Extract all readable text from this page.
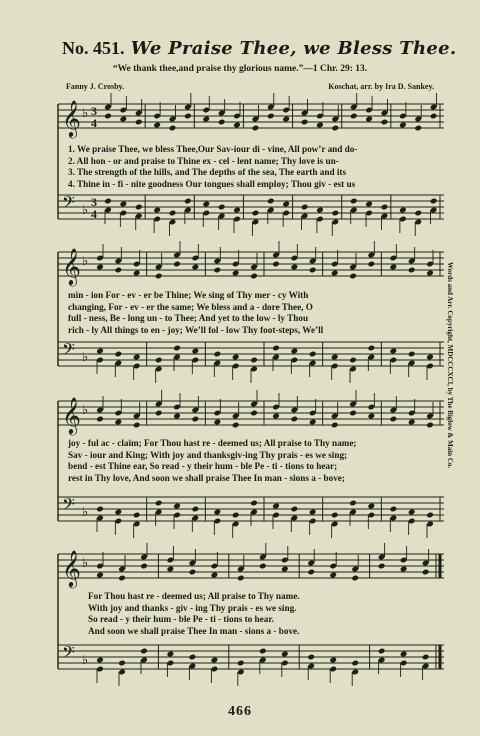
No. 451. We Praise Thee, we Bless Thee.
“We thank thee,and praise thy glorious name.”—1 Chr. 29: 13.
Fanny J. Crosby.	Koschat, arr. by Ira D. Sankey.
𝄞 ♭ 3
4
𝄢 ♭
3
4
𝄞 ♭
𝄢 ♭
𝄞 ♭
𝄢 ♭
𝄞 ♭
𝄢 ♭
1. We praise Thee, we bless Thee,Our Sav-iour di - vine, All pow’r and do-
2. All hon - or and praise to Thine ex - cel - lent name; Thy love is un-
3. The strength of the hills, and The depths of the sea, The earth and its
4. Thine in - fi - nite goodness Our tongues shall employ; Thou giv - est us
min - ion For - ev - er be Thine; We sing of Thy mer - cy With
changing, For - ev - er the same; We bless and a - dore Thee, O
full - ness, Be - long un - to Thee; And yet to the low - ly Thou
rich - ly All things to en - joy; We’ll fol - low Thy foot-steps, We’ll
joy - ful ac - claim; For Thou hast re - deemed us; All praise to Thy name;
Sav - iour and King; With joy and thanksgiv-ing Thy prais - es we sing;
bend - est Thine ear, So read - y their hum - ble Pe - ti - tions to hear;
rest in Thy love, And soon we shall praise Thee In man - sions a - bove;
For Thou hast re - deemed us; All praise to Thy name.
With joy and thanks - giv - ing Thy prais - es we sing.
So read - y their hum - ble Pe - ti - tions to hear.
And soon we shall praise Thee In man - sions a - bove.
Words and Arr. Copyright, MDCCCXCI, by The Biglow & Main Co.
466
